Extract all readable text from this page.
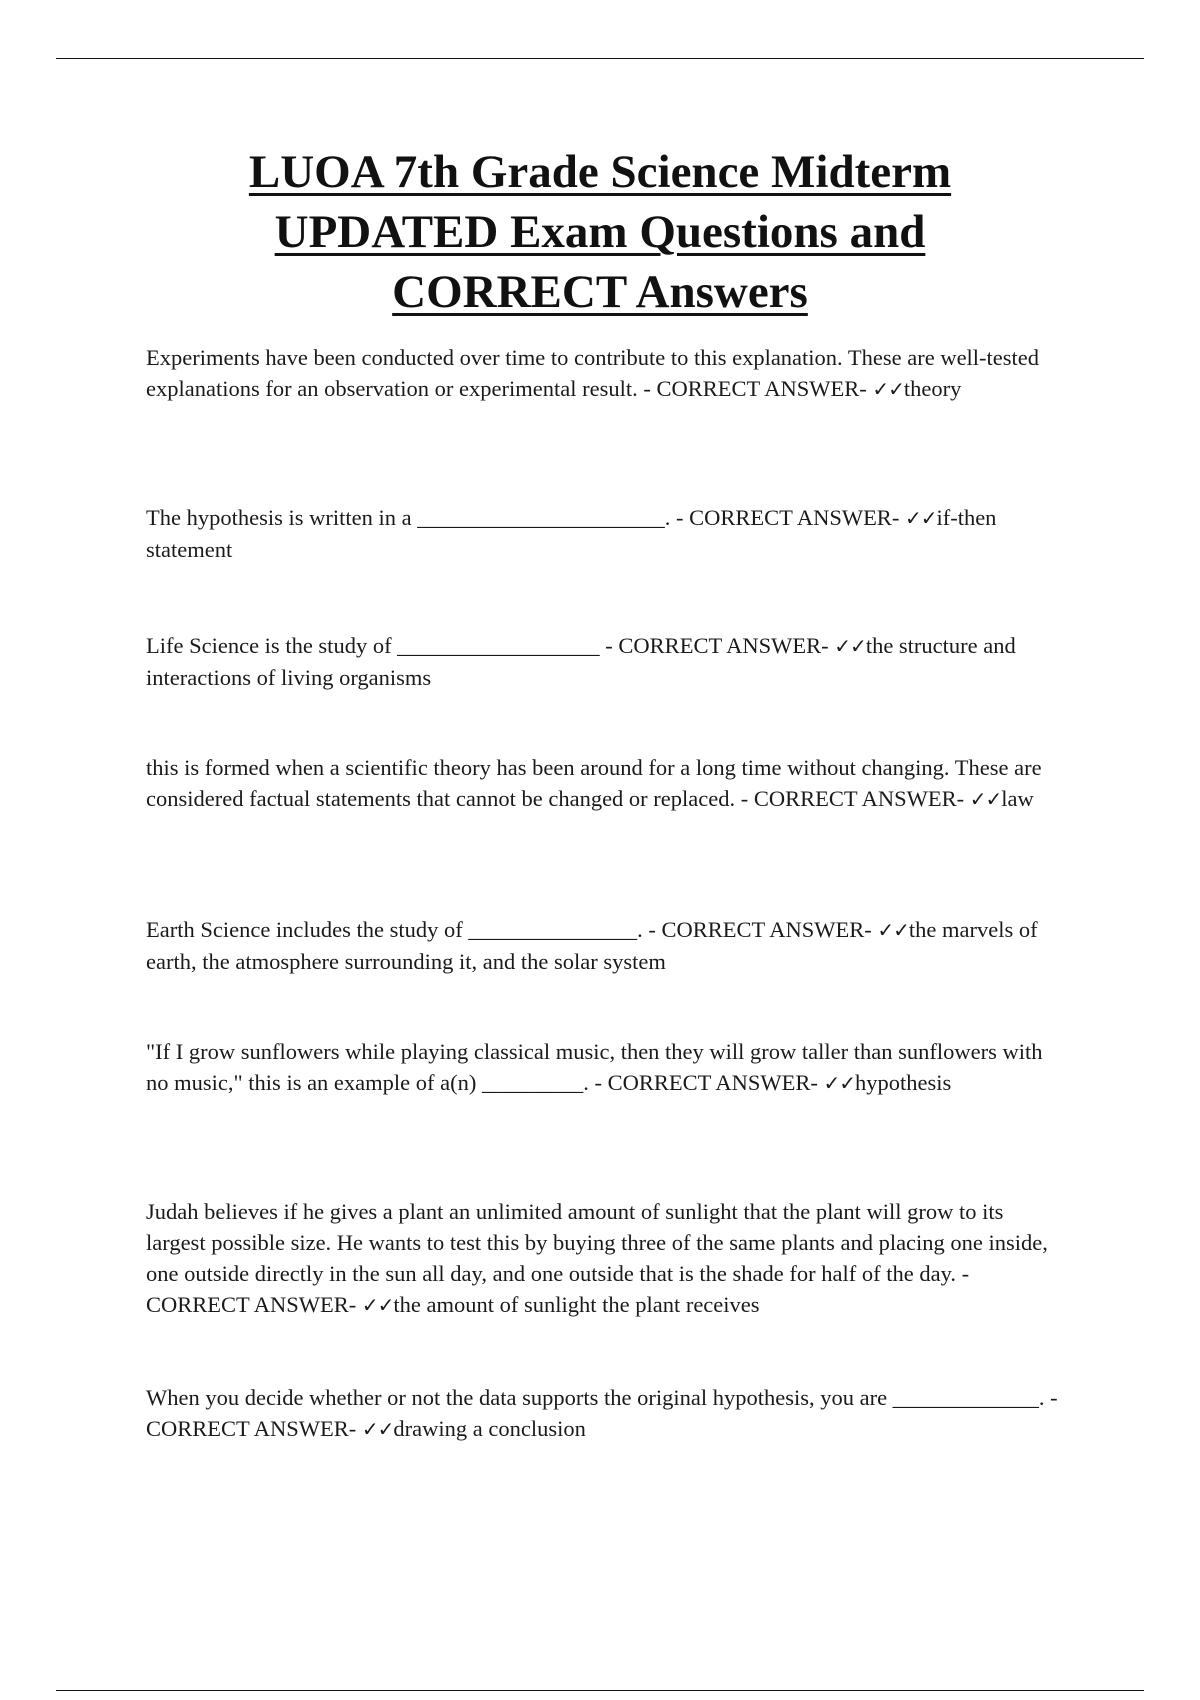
LUOA 7th Grade Science Midterm
UPDATED Exam Questions and
CORRECT Answers

Experiments have been conducted over time to contribute to this explanation. These are well-tested explanations for an observation or experimental result. - CORRECT ANSWER- ✓✓theory

The hypothesis is written in a ______________________. - CORRECT ANSWER- ✓✓if-then statement

Life Science is the study of __________________ - CORRECT ANSWER- ✓✓the structure and interactions of living organisms

this is formed when a scientific theory has been around for a long time without changing. These are considered factual statements that cannot be changed or replaced. - CORRECT ANSWER- ✓✓law

Earth Science includes the study of _______________. - CORRECT ANSWER- ✓✓the marvels of earth, the atmosphere surrounding it, and the solar system

"If I grow sunflowers while playing classical music, then they will grow taller than sunflowers with no music," this is an example of a(n) _________. - CORRECT ANSWER- ✓✓hypothesis

Judah believes if he gives a plant an unlimited amount of sunlight that the plant will grow to its largest possible size. He wants to test this by buying three of the same plants and placing one inside, one outside directly in the sun all day, and one outside that is the shade for half of the day. - CORRECT ANSWER- ✓✓the amount of sunlight the plant receives

When you decide whether or not the data supports the original hypothesis, you are _____________. - CORRECT ANSWER- ✓✓drawing a conclusion
